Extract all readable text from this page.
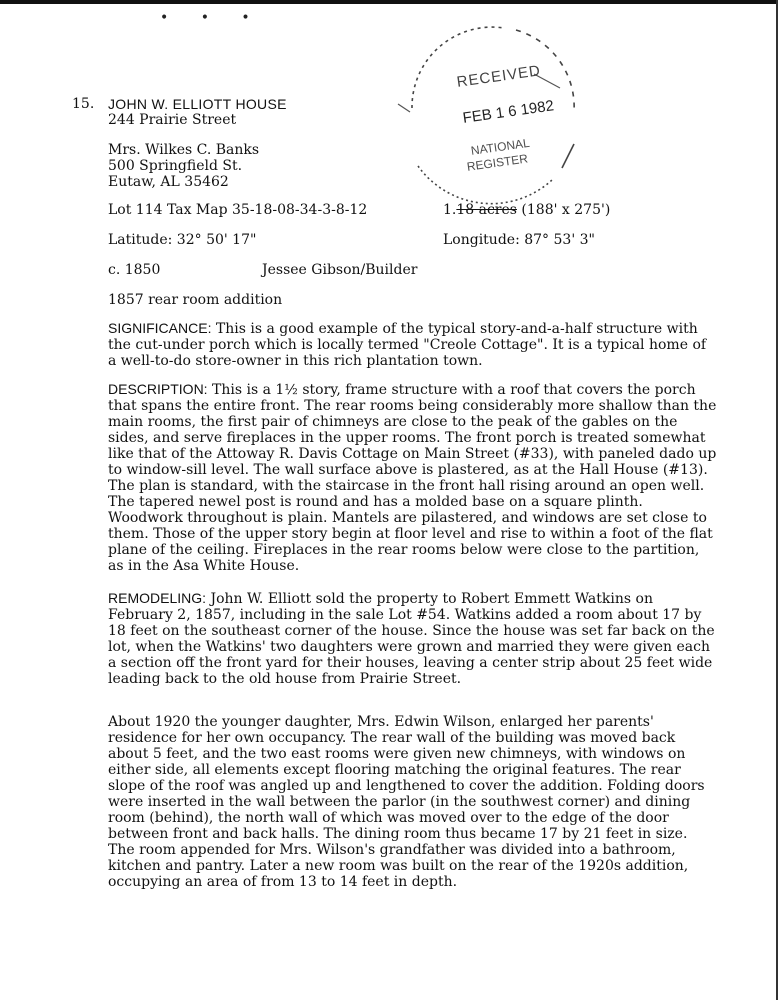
• • •
15. JOHN W. ELLIOTT HOUSE
244 Prairie Street
Mrs. Wilkes C. Banks
500 Springfield St.
Eutaw, AL 35462
Lot 114 Tax Map 35-18-08-34-3-8-12	1.18 acres (188' x 275')
Latitude: 32° 50' 17"	Longitude: 87° 53' 3"
c. 1850	Jessee Gibson/Builder
1857 rear room addition
RECEIVED
FEB 1 6 1982
NATIONAL
REGISTER

SIGNIFICANCE: This is a good example of the typical story-and-a-half structure with the cut-under porch which is locally termed "Creole Cottage". It is a typical home of a well-to-do store-owner in this rich plantation town.

DESCRIPTION: This is a 1½ story, frame structure with a roof that covers the porch that spans the entire front. The rear rooms being considerably more shallow than the main rooms, the first pair of chimneys are close to the peak of the gables on the sides, and serve fireplaces in the upper rooms. The front porch is treated somewhat like that of the Attoway R. Davis Cottage on Main Street (#33), with paneled dado up to window-sill level. The wall surface above is plastered, as at the Hall House (#13). The plan is standard, with the staircase in the front hall rising around an open well. The tapered newel post is round and has a molded base on a square plinth. Woodwork throughout is plain. Mantels are pilastered, and windows are set close to them. Those of the upper story begin at floor level and rise to within a foot of the flat plane of the ceiling. Fireplaces in the rear rooms below were close to the partition, as in the Asa White House.

REMODELING: John W. Elliott sold the property to Robert Emmett Watkins on February 2, 1857, including in the sale Lot #54. Watkins added a room about 17 by 18 feet on the southeast corner of the house. Since the house was set far back on the lot, when the Watkins' two daughters were grown and married they were given each a section off the front yard for their houses, leaving a center strip about 25 feet wide leading back to the old house from Prairie Street.

About 1920 the younger daughter, Mrs. Edwin Wilson, enlarged her parents' residence for her own occupancy. The rear wall of the building was moved back about 5 feet, and the two east rooms were given new chimneys, with windows on either side, all elements except flooring matching the original features. The rear slope of the roof was angled up and lengthened to cover the addition. Folding doors were inserted in the wall between the parlor (in the southwest corner) and dining room (behind), the north wall of which was moved over to the edge of the door between front and back halls. The dining room thus became 17 by 21 feet in size. The room appended for Mrs. Wilson's grandfather was divided into a bathroom, kitchen and pantry. Later a new room was built on the rear of the 1920s addition, occupying an area of from 13 to 14 feet in depth.
